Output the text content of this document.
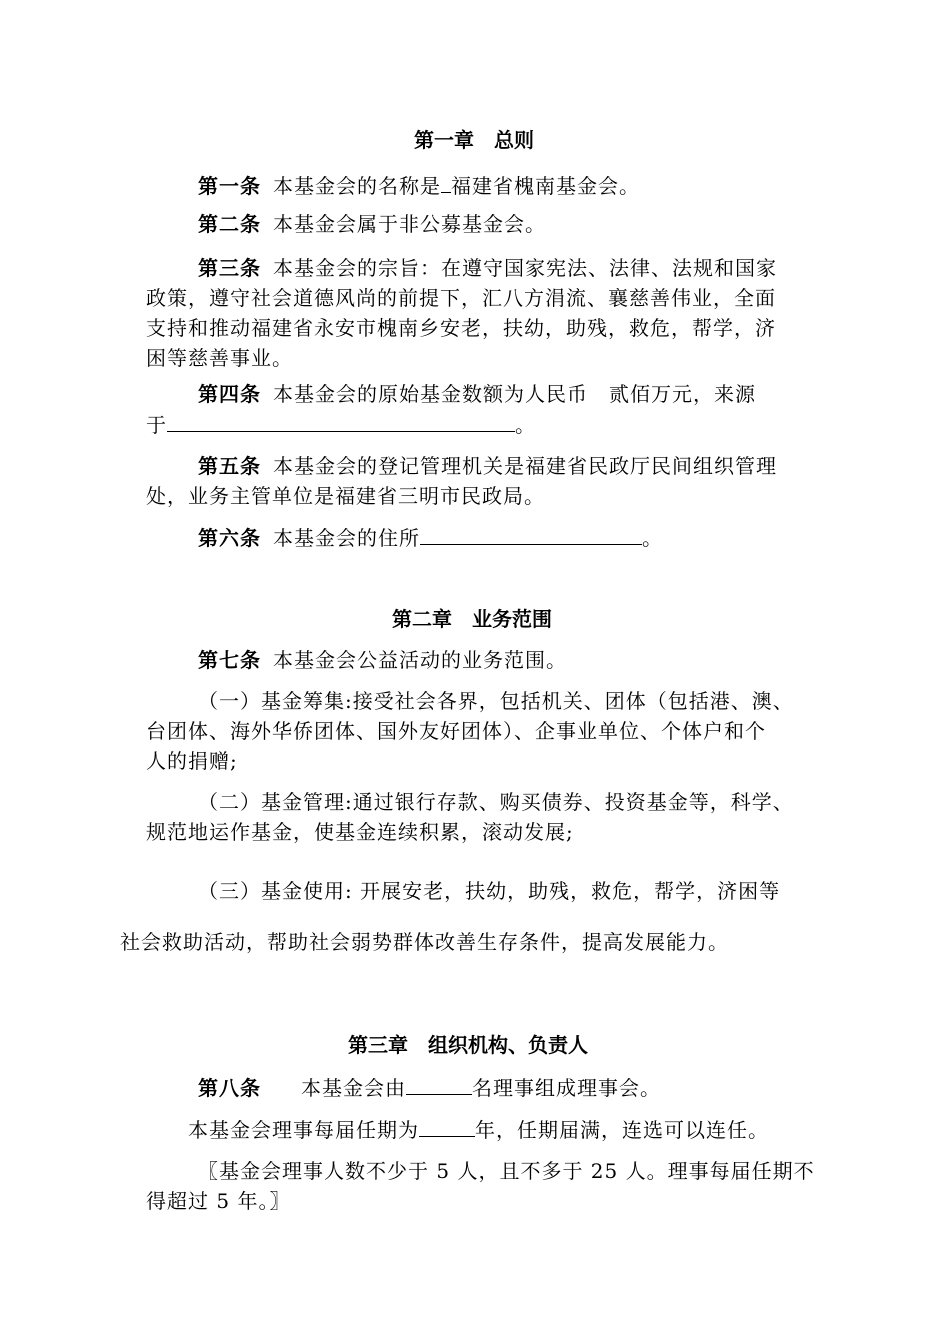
第一章　总则
第一条 本基金会的名称是 福建省槐南基金会。
第二条 本基金会属于非公募基金会。
第三条 本基金会的宗旨：在遵守国家宪法、法律、法规和国家
政策，遵守社会道德风尚的前提下，汇八方涓流、襄慈善伟业，全面
支持和推动福建省永安市槐南乡安老，扶幼，助残，救危，帮学，济
困等慈善事业。
第四条 本基金会的原始基金数额为人民币　贰佰万元，来源
于	。
第五条 本基金会的登记管理机关是福建省民政厅民间组织管理
处，业务主管单位是福建省三明市民政局。
第六条 本基金会的住所	。
第二章　业务范围
第七条 本基金会公益活动的业务范围。
（一）基金筹集:接受社会各界，包括机关、团体（包括港、澳、
台团体、海外华侨团体、国外友好团体）、企事业单位、个体户和个
人的捐赠;
（二）基金管理:通过银行存款、购买债券、投资基金等，科学、
规范地运作基金，使基金连续积累，滚动发展;
（三）基金使用: 开展安老，扶幼，助残，救危，帮学，济困等
社会救助活动，帮助社会弱势群体改善生存条件，提高发展能力。
第三章　组织机构、负责人
第八条 本基金会由	名理事组成理事会。
本基金会理事每届任期为	年，任期届满，连选可以连任。
〖基金会理事人数不少于 5 人，且不多于 25 人。理事每届任期不
得超过 5 年。〗
